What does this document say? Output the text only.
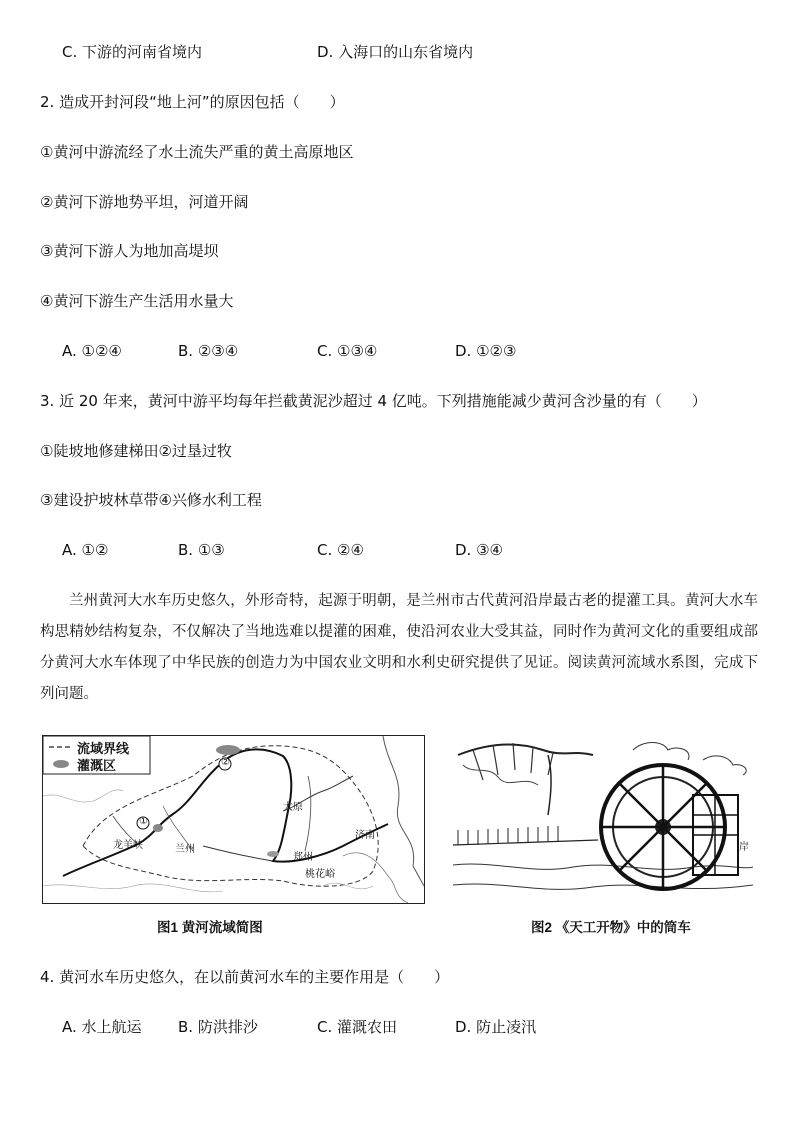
C. 下游的河南省境内	D. 入海口的山东省境内
2. 造成开封河段“地上河”的原因包括（　　）
①黄河中游流经了水土流失严重的黄土高原地区
②黄河下游地势平坦，河道开阔
③黄河下游人为地加高堤坝
④黄河下游生产生活用水量大
A. ①②④	B. ②③④	C. ①③④	D. ①②③
3. 近 20 年来，黄河中游平均每年拦截黄泥沙超过 4 亿吨。下列措施能减少黄河含沙量的有（　　）
①陡坡地修建梯田②过垦过牧
③建设护坡林草带④兴修水利工程
A. ①②	B. ①③	C. ②④	D. ③④
兰州黄河大水车历史悠久，外形奇特，起源于明朝，是兰州市古代黄河沿岸最古老的提灌工具。黄河大水车构思精妙结构复杂，不仅解决了当地选难以提灌的困难，使沿河农业大受其益，同时作为黄河文化的重要组成部分黄河大水车体现了中华民族的创造力为中国农业文明和水利史研究提供了见证。阅读黄河流域水系图，完成下列问题。
流域界线
灌溉区
①
②
龙羊峡	兰州
太原
济南
郑州
桃花峪
图1 黄河流域简图
岸
图2 《天工开物》中的筒车
4. 黄河水车历史悠久，在以前黄河水车的主要作用是（　　）
A. 水上航运 B. 防洪排沙	C. 灌溉农田	D. 防止凌汛
